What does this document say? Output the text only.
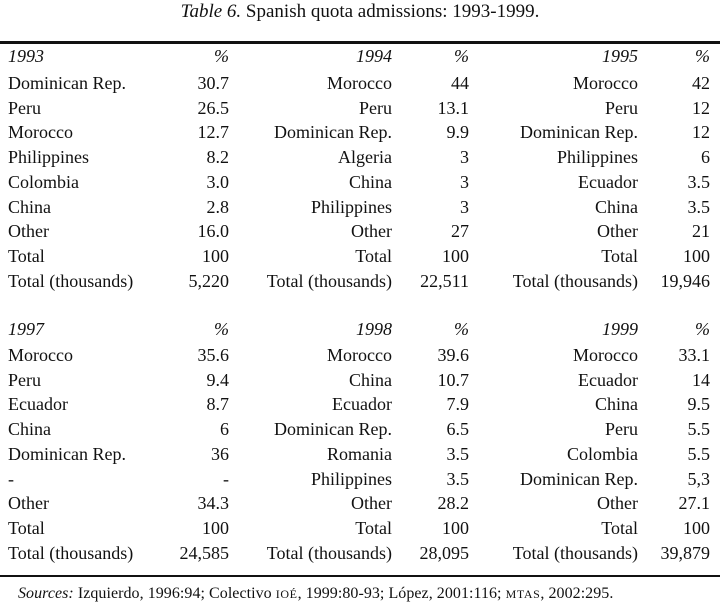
Table 6. Spanish quota admissions: 1993-1999.
1993	%
Dominican Rep.	30.7
Peru	26.5
Morocco	12.7
Philippines	8.2
Colombia	3.0
China	2.8
Other	16.0
Total	100
Total (thousands)	5,220
1994	%
Morocco	44
Peru	13.1
Dominican Rep.	9.9
Algeria	3
China	3
Philippines	3
Other	27
Total	100
Total (thousands) 22,511
1995	%
Morocco	42
Peru	12
Dominican Rep.	12
Philippines	6
Ecuador	3.5
China	3.5
Other	21
Total	100
Total (thousands) 19,946
1997	%
Morocco	35.6
Peru	9.4
Ecuador	8.7
China	6
Dominican Rep.	36
-	-
Other	34.3
Total	100
Total (thousands)	24,585
1998	%
Morocco	39.6
China	10.7
Ecuador	7.9
Dominican Rep.	6.5
Romania	3.5
Philippines	3.5
Other	28.2
Total	100
Total (thousands) 28,095
1999	%
Morocco 33.1
Ecuador	14
China	9.5
Peru	5.5
Colombia	5.5
Dominican Rep.	5,3
Other 27.1
Total	100
Total (thousands) 39,879
Sources: Izquierdo, 1996:94; Colectivo IOÉ, 1999:80-93; López, 2001:116; MTAS, 2002:295.
